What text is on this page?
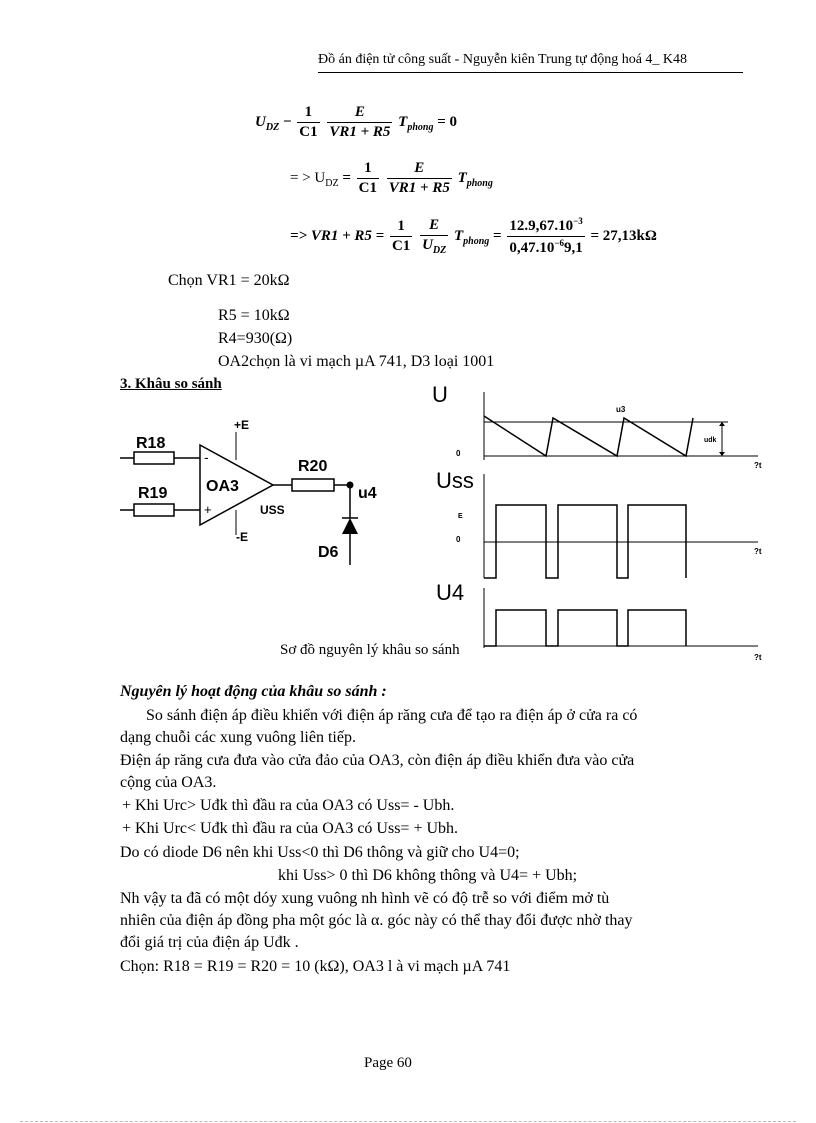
Đồ án điện tử công suất - Nguyễn kiên Trung tự động hoá 4_ K48
$U_{DZ} - \frac{1}{C1}$
$\frac{E}{VR1 + R5} T_{phong} = 0$
= > $U_{DZ} = \frac{1}{C1}$
$\frac{E}{VR1 + R5} T_{phong}$
=> $VR1 + R5 = \frac{1}{C1}$
$\frac{E}{U_{DZ}} T_{phong} = \frac{12.9,67.10^{-3}}{0,47.10^{-6}9,1} = 27,13k\Omega$
Chọn VR1 = 20kΩ
R5 = 10kΩ
R4=930(Ω)
OA2chọn là vi mạch µA 741, D3 loại 1001
3. Khâu so sánh
R18
R19 OA3
-
+
+E
-E
USS
R20
u4
D6
U
0
?t
u3
udk
Uss
0
?t
E
U4
?t
Sơ đồ nguyên lý khâu so sánh
Nguyên lý hoạt động của khâu so sánh :
So sánh điện áp điều khiển với điện áp răng cưa để tạo ra điện áp ở cửa ra có
dạng chuỗi các xung vuông liên tiếp.
Điện áp răng cưa đưa vào cửa đảo của OA3, còn điện áp điều khiển đưa vào cửa
cộng của OA3.
+ Khi Urc> Uđk thì đầu ra của OA3 có Uss= - Ubh.
+ Khi Urc< Uđk thì đầu ra của OA3 có Uss= + Ubh.
Do có diode D6 nên khi Uss<0 thì D6 thông và giữ cho U4=0;
khi Uss> 0 thì D6 không thông và U4= + Ubh;
Nh vậy ta đã có một dóy xung vuông nh hình vẽ có độ trễ so với điểm mở tù
nhiên của điện áp đồng pha một góc là α. góc này có thể thay đổi được nhờ thay
đổi giá trị của điện áp Uđk .
Chọn: R18 = R19 = R20 = 10 (kΩ), OA3 l à vi mạch µA 741
Page 60
